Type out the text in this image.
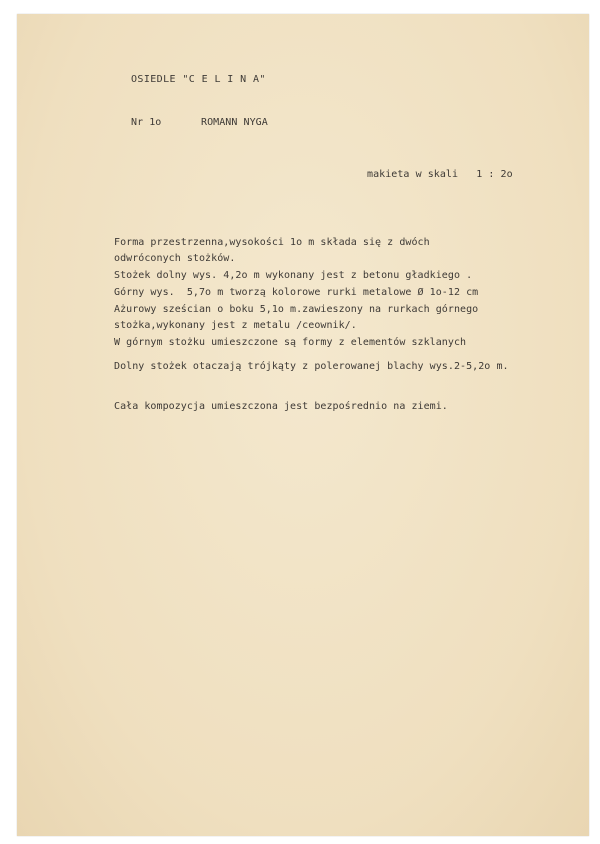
OSIEDLE "C E L I N A"
Nr 1o	ROMANN NYGA
makieta w skali   1 : 2o
Forma przestrzenna,wysokości 1o m składa się z dwóch
odwróconych stożków.
Stożek dolny wys. 4,2o m wykonany jest z betonu gładkiego .
Górny wys.  5,7o m tworzą kolorowe rurki metalowe Ø 1o-12 cm
Ażurowy sześcian o boku 5,1o m.zawieszony na rurkach górnego
stożka,wykonany jest z metalu /ceownik/.
W górnym stożku umieszczone są formy z elementów szklanych
Dolny stożek otaczają trójkąty z polerowanej blachy wys.2-5,2o m.
Cała kompozycja umieszczona jest bezpośrednio na ziemi.
